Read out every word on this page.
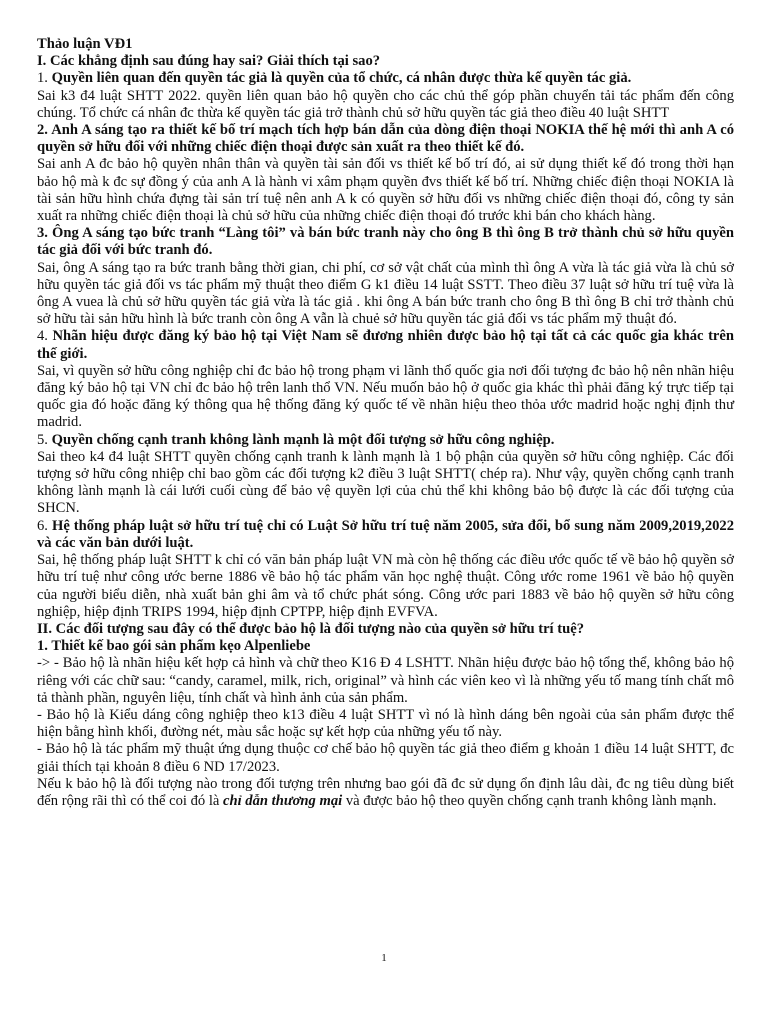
Thảo luận VĐ1

I. Các khẳng định sau đúng hay sai? Giải thích tại sao?

1. Quyền liên quan đến quyền tác giả là quyền của tổ chức, cá nhân được thừa kế quyền tác giả.

Sai k3 đ4 luật SHTT 2022. quyền liên quan bảo hộ quyền cho các chủ thể góp phần chuyển tải tác phẩm đến công chúng. Tổ chức cá nhân đc thừa kế quyền tác giả trở thành chủ sở hữu quyền tác giả theo điều 40 luật SHTT

2. Anh A sáng tạo ra thiết kế bố trí mạch tích hợp bán dẫn của dòng điện thoại NOKIA thế hệ mới thì anh A có quyền sở hữu đối với những chiếc điện thoại được sản xuất ra theo thiết kế đó.

Sai anh A đc bảo hộ quyền nhân thân và quyền tài sản đối vs thiết kế bố trí đó, ai sử dụng thiết kế đó trong thời hạn bảo hộ mà k đc sự đồng ý của anh A là hành vi xâm phạm quyền đvs thiết kế bố trí. Những chiếc điện thoại NOKIA là tài sản hữu hình chứa đựng tài sản trí tuệ nên anh A k có quyền sở hữu đối vs những chiếc điện thoại đó, công ty sản xuất ra những chiếc điện thoại là chủ sở hữu của những chiếc điện thoại đó trước khi bán cho khách hàng.

3. Ông A sáng tạo bức tranh “Làng tôi” và bán bức tranh này cho ông B thì ông B trở thành chủ sở hữu quyền tác giả đối với bức tranh đó.

Sai, ông A sáng tạo ra bức tranh bằng thời gian, chi phí, cơ sở vật chất của mình thì ông A vừa là tác giả vừa là chủ sở hữu quyền tác giả đối vs tác phẩm mỹ thuật theo điểm G k1 điều 14 luật SSTT. Theo điều 37 luật sở hữu trí tuệ vừa là ông A vuea là chủ sở hữu quyền tác giả vừa là tác giả . khi ông A bán bức tranh cho ông B thì ông B chỉ trở thành chủ sở hữu tài sản hữu hình là bức tranh còn ông A vẫn là chuẻ sở hữu quyền tác giả đối vs tác phẩm mỹ thuật đó.

4. Nhãn hiệu được đăng ký bảo hộ tại Việt Nam sẽ đương nhiên được bảo hộ tại tất cả các quốc gia khác trên thế giới.

Sai, vì quyền sở hữu công nghiệp chỉ đc bảo hộ trong phạm vi lãnh thổ quốc gia nơi đối tượng đc bảo hộ nên nhãn hiệu đăng ký bảo hộ tại VN chỉ đc bảo hộ trên lanh thổ VN. Nếu muốn bảo hộ ở quốc gia khác thì phải đăng ký trực tiếp tại quốc gia đó hoặc đăng ký thông qua hệ thống đăng ký quốc tế về nhãn hiệu theo thỏa ước madrid hoặc nghị định thư madrid.

5. Quyền chống cạnh tranh không lành mạnh là một đối tượng sở hữu công nghiệp.

Sai theo k4 đ4 luật SHTT quyền chống cạnh tranh k lành mạnh là 1 bộ phận của quyền sở hữu công nghiệp. Các đối tượng sở hữu công nhiệp chỉ bao gồm các đối tượng k2 điều 3 luật SHTT( chép ra). Như vậy, quyền chống cạnh tranh không lành mạnh là cái lưới cuối cùng để bảo vệ quyền lợi của chủ thể khi không bảo bộ được là các đối tượng của SHCN.

6. Hệ thống pháp luật sở hữu trí tuệ chỉ có Luật Sở hữu trí tuệ năm 2005, sửa đổi, bổ sung năm 2009,2019,2022 và các văn bản dưới luật.

Sai, hệ thống pháp luật SHTT k chỉ có văn bản pháp luật VN mà còn hệ thống các điều ước quốc tế về bảo hộ quyền sở hữu trí tuệ như công ước berne 1886 về bảo hộ tác phẩm văn học nghệ thuật. Công ước rome 1961 về bảo hộ quyền của người biểu diễn, nhà xuất bản ghi âm và tổ chức phát sóng. Công ước pari 1883 về bảo hộ quyền sở hữu công nghiệp, hiệp định TRIPS 1994, hiệp định CPTPP, hiệp định EVFVA.

II. Các đối tượng sau đây có thể được bảo hộ là đối tượng nào của quyền sở hữu trí tuệ?

1. Thiết kế bao gói sản phẩm kẹo Alpenliebe

-> - Bảo hộ là nhãn hiệu kết hợp cả hình và chữ theo K16 Đ 4 LSHTT. Nhãn hiệu được bảo hộ tổng thể, không bảo hộ riêng với các chữ sau: “candy, caramel, milk, rich, original” và hình các viên keo vì là những yếu tố mang tính chất mô tả thành phần, nguyên liệu, tính chất và hình ảnh của sản phẩm.

- Bảo hộ là Kiểu dáng công nghiệp theo k13 điều 4 luật SHTT vì nó là hình dáng bên ngoài của sản phẩm được thể hiện bằng hình khối, đường nét, màu sắc hoặc sự kết hợp của những yếu tố này.

- Bảo hộ là tác phẩm mỹ thuật ứng dụng thuộc cơ chế bảo hộ quyền tác giả theo điểm g khoản 1 điều 14 luật SHTT, đc giải thích tại khoản 8 điều 6 ND 17/2023.

Nếu k bảo hộ là đối tượng nào trong đối tượng trên nhưng bao gói đã đc sử dụng ổn định lâu dài, đc ng tiêu dùng biết đến rộng rãi thì có thể coi đó là chỉ dẫn thương mại và được bảo hộ theo quyền chống cạnh tranh không lành mạnh.

1
